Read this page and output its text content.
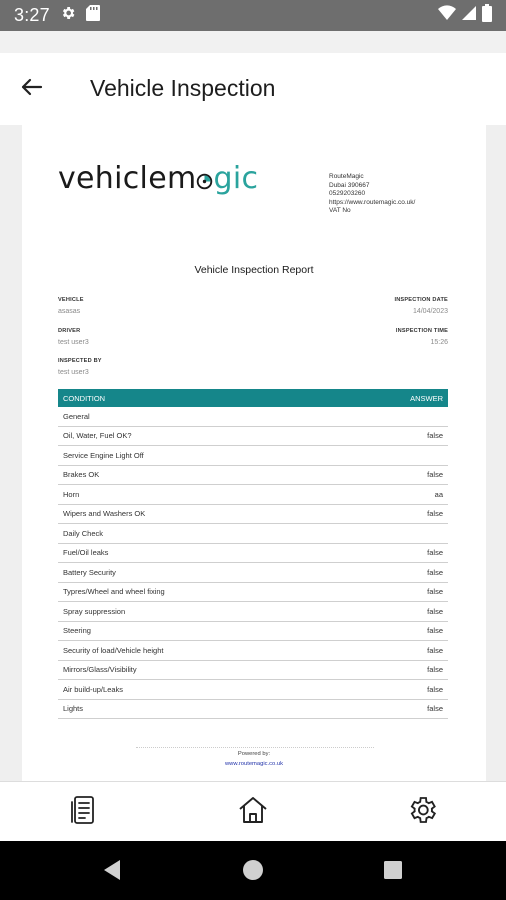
3:27
Vehicle Inspection
vehiclem gic	RouteMagic
Dubai 390667
0529203260
https://www.routemagic.co.uk/
VAT No
Vehicle Inspection Report
VEHICLE
asasas
INSPECTION DATE
14/04/2023
DRIVER
test user3
INSPECTION TIME
15:26
INSPECTED BY
test user3
CONDITION	ANSWER
General
Oil, Water, Fuel OK?	false
Service Engine Light Off
Brakes OK	false
Horn	aa
Wipers and Washers OK	false
Daily Check
Fuel/Oil leaks	false
Battery Security	false
Typres/Wheel and wheel fixing	false
Spray suppression	false
Steering	false
Security of load/Vehicle height	false
Mirrors/Glass/Visibility	false
Air build-up/Leaks	false
Lights	false
Powered by:
www.routemagic.co.uk
